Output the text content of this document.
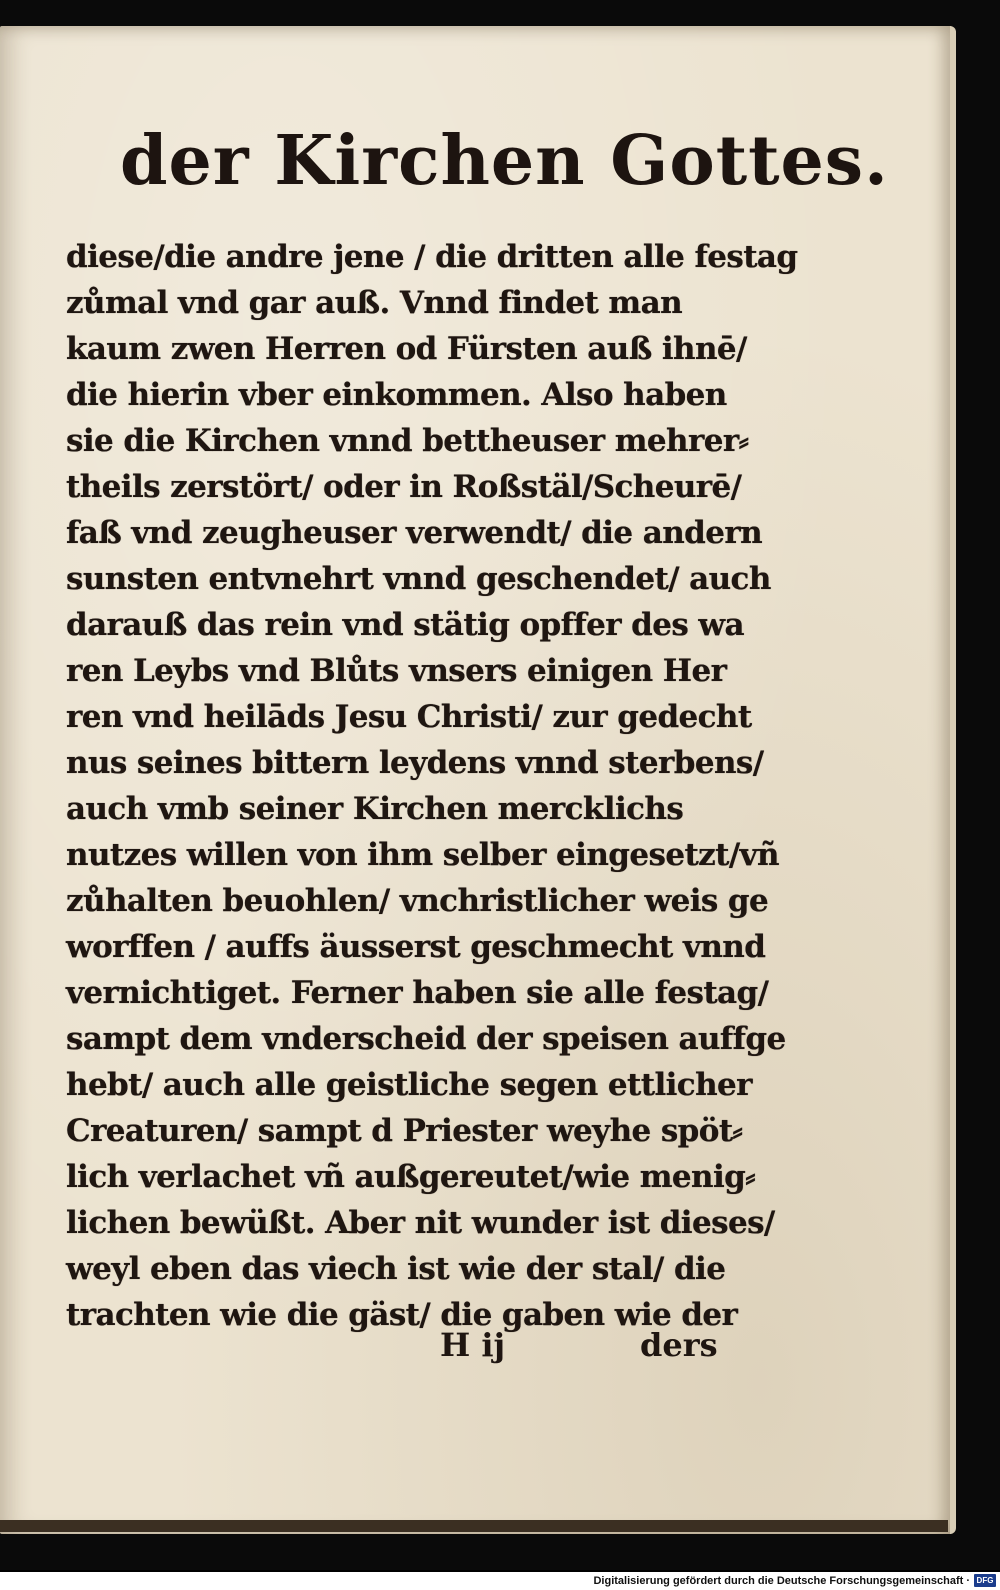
der Kirchen Gottes.
diese/die andre jene / die dritten alle festag
zůmal vnd gar auß. Vnnd findet man
kaum zwen Herren od Fürsten auß ihnē/
die hierin vber einkommen. Also haben
sie die Kirchen vnnd bettheuser mehrer⸗
theils zerstört/ oder in Roßstäl/Scheurē/
faß vnd zeugheuser verwendt/ die andern
sunsten entvnehrt vnnd geschendet/ auch
darauß das rein vnd stätig opffer des wa
ren Leybs vnd Blůts vnsers einigen Her
ren vnd heilāds Jesu Christi/ zur gedecht
nus seines bittern leydens vnnd sterbens/
auch vmb seiner Kirchen mercklichs
nutzes willen von ihm selber eingesetzt/vñ
zůhalten beuohlen/ vnchristlicher weis ge
worffen / auffs äusserst geschmecht vnnd
vernichtiget. Ferner haben sie alle festag/
sampt dem vnderscheid der speisen auffge
hebt/ auch alle geistliche segen ettlicher
Creaturen/ sampt d Priester weyhe spöt⸗
lich verlachet vñ außgereutet/wie menig⸗
lichen bewüßt. Aber nit wunder ist dieses/
weyl eben das viech ist wie der stal/ die
trachten wie die gäst/ die gaben wie der
H ij	ders
Digitalisierung gefördert durch die Deutsche Forschungsgemeinschaft · DFG
